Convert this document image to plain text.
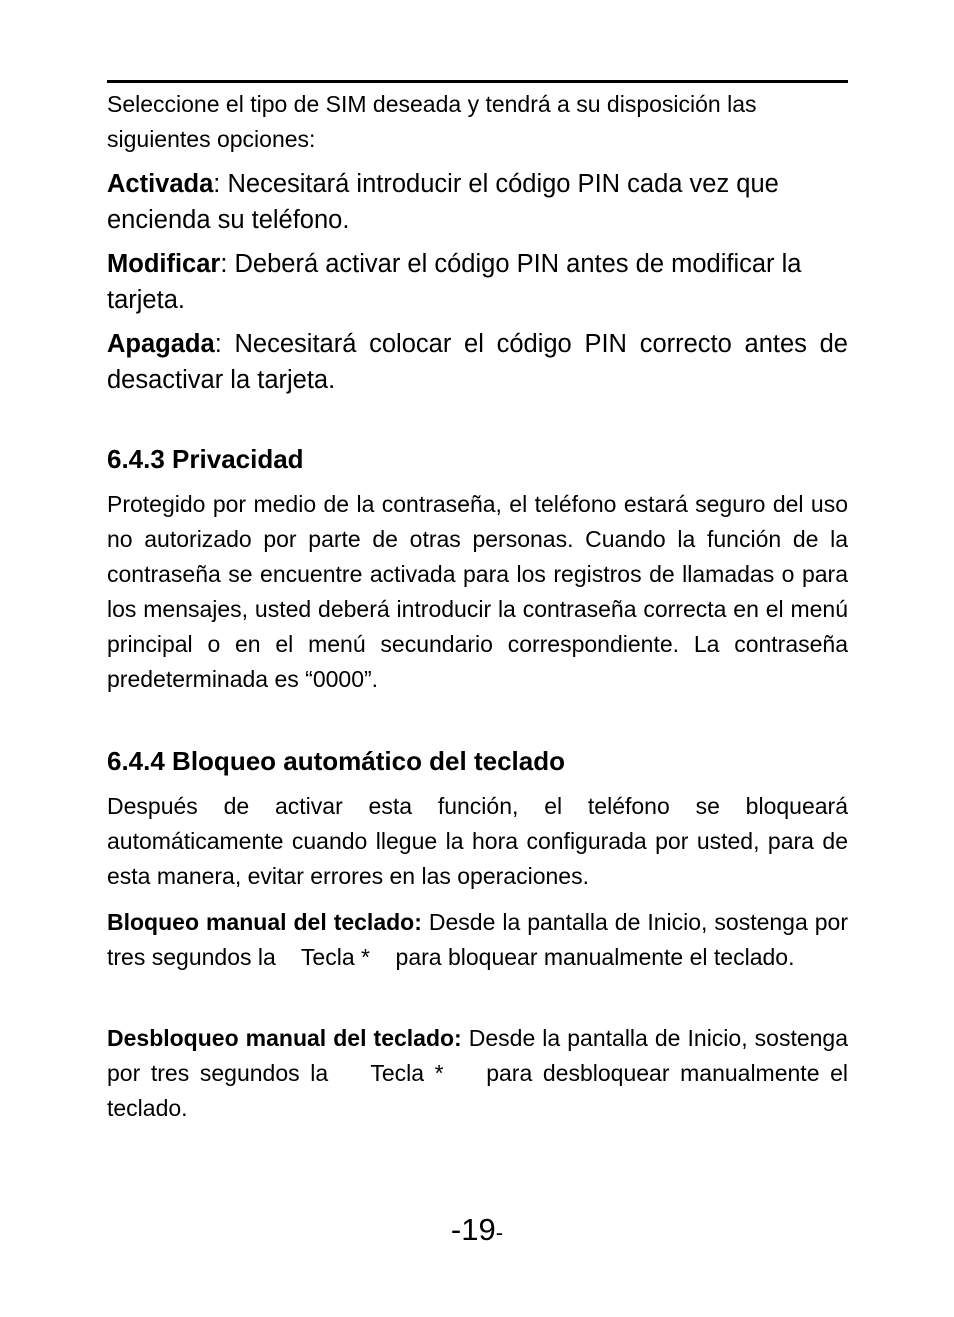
Seleccione el tipo de SIM deseada y tendrá a su disposición las siguientes opciones:

Activada: Necesitará introducir el código PIN cada vez que encienda su teléfono.

Modificar: Deberá activar el código PIN antes de modificar la tarjeta.

Apagada: Necesitará colocar el código PIN correcto antes de desactivar la tarjeta.

6.4.3 Privacidad

Protegido por medio de la contraseña, el teléfono estará seguro del uso no autorizado por parte de otras personas. Cuando la función de la contraseña se encuentre activada para los registros de llamadas o para los mensajes, usted deberá introducir la contraseña correcta en el menú principal o en el menú secundario correspondiente. La contraseña predeterminada es “0000”.

6.4.4 Bloqueo automático del teclado

Después de activar esta función, el teléfono se bloqueará automáticamente cuando llegue la hora configurada por usted, para de esta manera, evitar errores en las operaciones.

Bloqueo manual del teclado: Desde la pantalla de Inicio, sostenga por tres segundos la    Tecla *    para bloquear manualmente el teclado.

Desbloqueo manual del teclado: Desde la pantalla de Inicio, sostenga por tres segundos la    Tecla *    para desbloquear manualmente el teclado.

-19-
